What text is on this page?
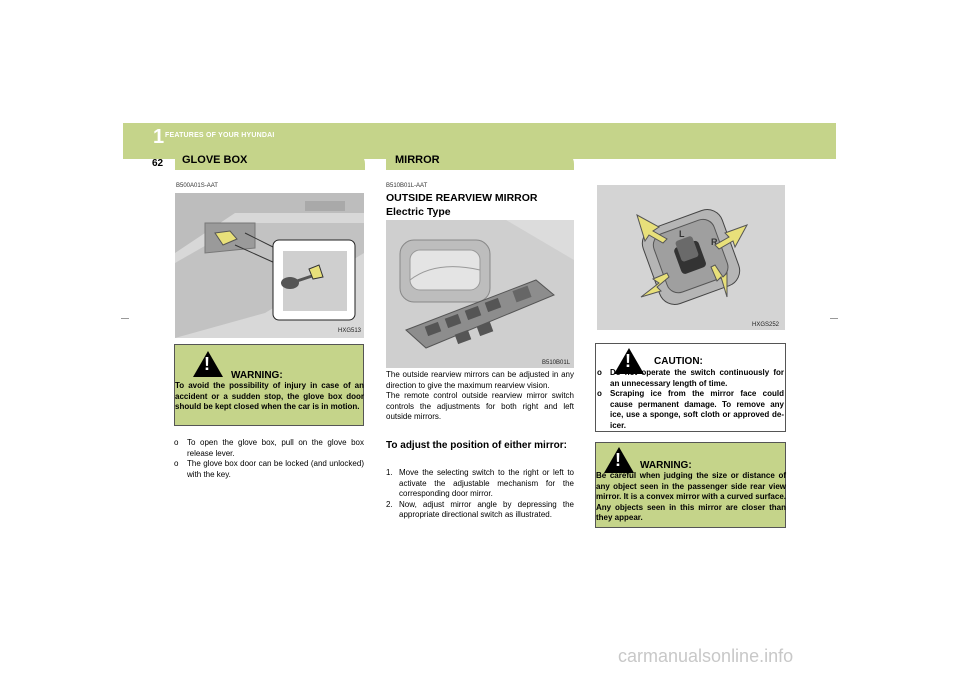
1 FEATURES OF YOUR HYUNDAI
62 GLOVE BOX
B500A01S-AAT
HXG513
!
WARNING:
To avoid the possibility of injury in case of an accident or a sudden stop, the glove box door should be kept closed when the car is in motion.
o	To open the glove box, pull on the glove box release lever.
o	The glove box door can be locked (and unlocked) with the key.
MIRROR
B510B01L-AAT
OUTSIDE REARVIEW MIRROR
Electric Type
B510B01L
The outside rearview mirrors can be adjusted in any direction to give the maximum rearview vision.
The remote control outside rearview mirror switch controls the adjustments for both right and left outside mirrors.
To adjust the position of either mirror:
1. Move the selecting switch to the right or left to activate the adjustable mechanism for the corresponding door mirror.
2. Now, adjust mirror angle by depressing the appropriate directional switch as illustrated.
L
R
HXGS252
! CAUTION:
o	Do not operate the switch continuously for an unnecessary length of time.
o	Scraping ice from the mirror face could cause permanent damage. To remove any ice, use a sponge, soft cloth or approved de-icer.
! WARNING:
Be careful when judging the size or distance of any object seen in the passenger side rear view mirror. It is a convex mirror with a curved surface. Any objects seen in this mirror are closer than they appear.
carmanualsonline.info
